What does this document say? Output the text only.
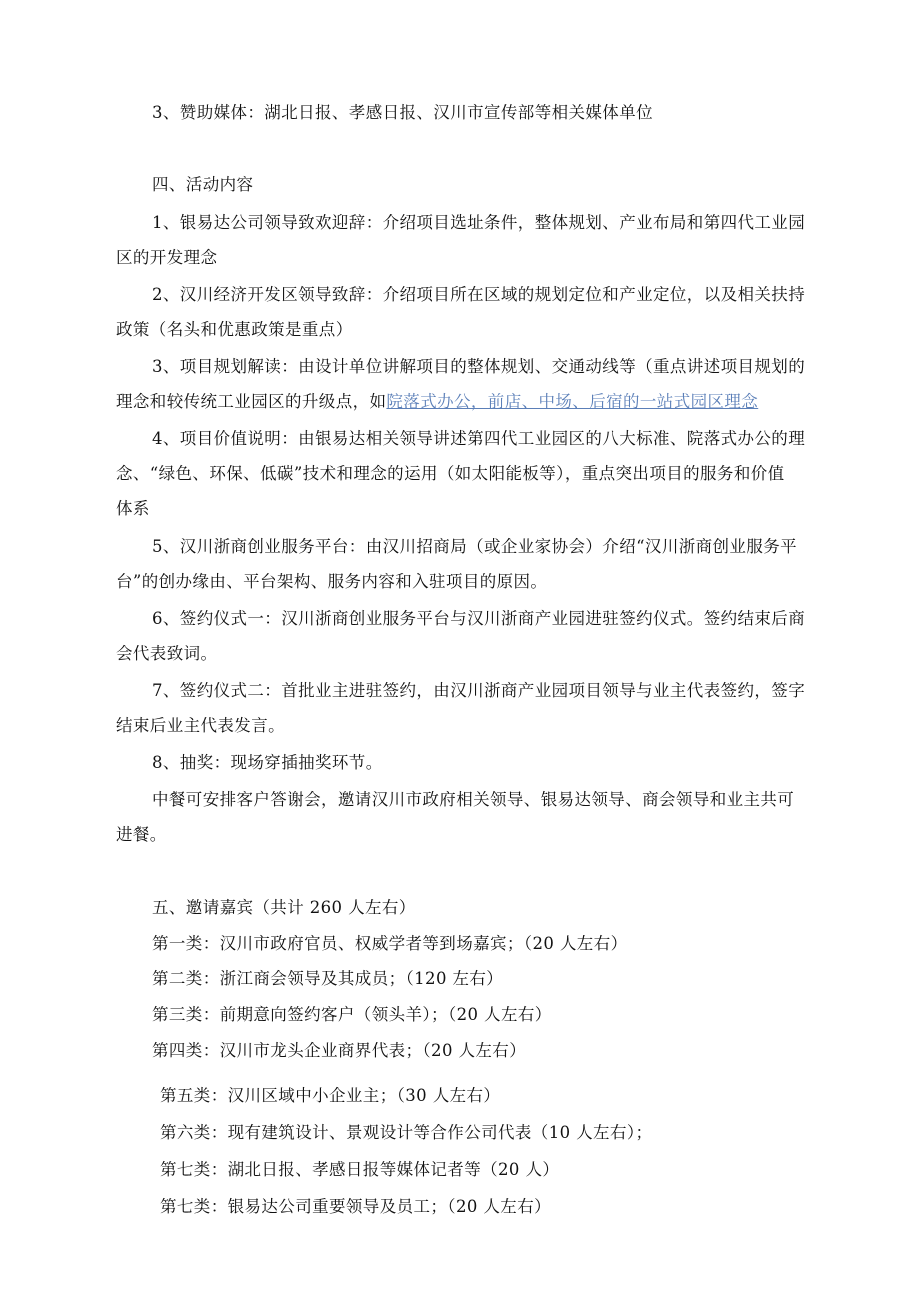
3、赞助媒体：湖北日报、孝感日报、汉川市宣传部等相关媒体单位
四、活动内容
1、银易达公司领导致欢迎辞：介绍项目选址条件，整体规划、产业布局和第四代工业园
区的开发理念
2、汉川经济开发区领导致辞：介绍项目所在区域的规划定位和产业定位，以及相关扶持
政策（名头和优惠政策是重点）
3、项目规划解读：由设计单位讲解项目的整体规划、交通动线等（重点讲述项目规划的
理念和较传统工业园区的升级点，如院落式办公，前店、中场、后宿的一站式园区理念
4、项目价值说明：由银易达相关领导讲述第四代工业园区的八大标准、院落式办公的理
念、“绿色、环保、低碳”技术和理念的运用（如太阳能板等），重点突出项目的服务和价值
体系
5、汉川浙商创业服务平台：由汉川招商局（或企业家协会）介绍“汉川浙商创业服务平
台”的创办缘由、平台架构、服务内容和入驻项目的原因。
6、签约仪式一：汉川浙商创业服务平台与汉川浙商产业园进驻签约仪式。签约结束后商
会代表致词。
7、签约仪式二：首批业主进驻签约，由汉川浙商产业园项目领导与业主代表签约，签字
结束后业主代表发言。
8、抽奖：现场穿插抽奖环节。
中餐可安排客户答谢会，邀请汉川市政府相关领导、银易达领导、商会领导和业主共可
进餐。
五、邀请嘉宾（共计 260 人左右）
第一类：汉川市政府官员、权威学者等到场嘉宾；（20 人左右）
第二类：浙江商会领导及其成员；（120 左右）
第三类：前期意向签约客户（领头羊）；（20 人左右）
第四类：汉川市龙头企业商界代表；（20 人左右）
第五类：汉川区域中小企业主；（30 人左右）
第六类：现有建筑设计、景观设计等合作公司代表（10 人左右）；
第七类：湖北日报、孝感日报等媒体记者等（20 人）
第七类：银易达公司重要领导及员工；（20 人左右）
